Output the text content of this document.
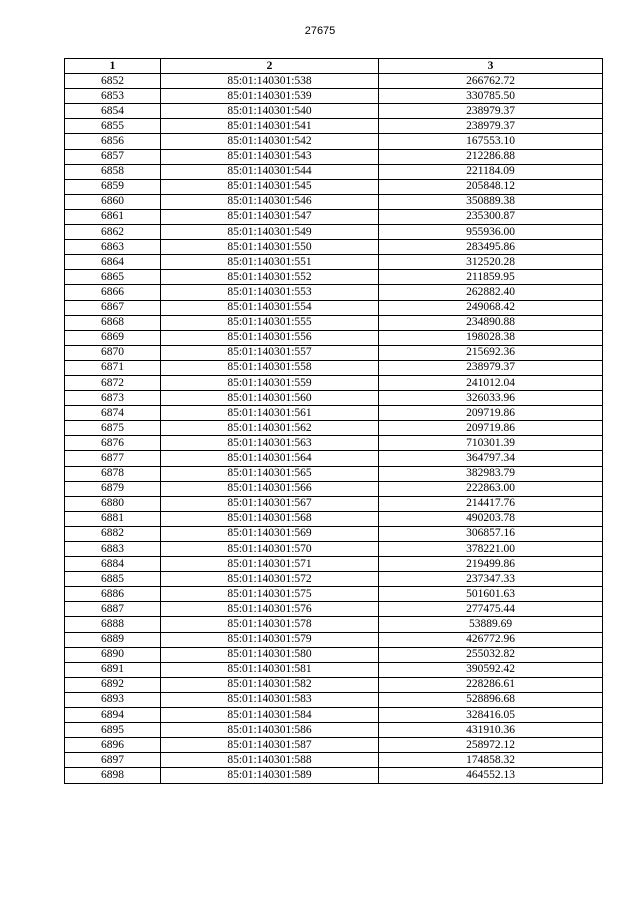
27675
1	2	3
6852	85:01:140301:538	266762.72
6853	85:01:140301:539	330785.50
6854	85:01:140301:540	238979.37
6855	85:01:140301:541	238979.37
6856	85:01:140301:542	167553.10
6857	85:01:140301:543	212286.88
6858	85:01:140301:544	221184.09
6859	85:01:140301:545	205848.12
6860	85:01:140301:546	350889.38
6861	85:01:140301:547	235300.87
6862	85:01:140301:549	955936.00
6863	85:01:140301:550	283495.86
6864	85:01:140301:551	312520.28
6865	85:01:140301:552	211859.95
6866	85:01:140301:553	262882.40
6867	85:01:140301:554	249068.42
6868	85:01:140301:555	234890.88
6869	85:01:140301:556	198028.38
6870	85:01:140301:557	215692.36
6871	85:01:140301:558	238979.37
6872	85:01:140301:559	241012.04
6873	85:01:140301:560	326033.96
6874	85:01:140301:561	209719.86
6875	85:01:140301:562	209719.86
6876	85:01:140301:563	710301.39
6877	85:01:140301:564	364797.34
6878	85:01:140301:565	382983.79
6879	85:01:140301:566	222863.00
6880	85:01:140301:567	214417.76
6881	85:01:140301:568	490203.78
6882	85:01:140301:569	306857.16
6883	85:01:140301:570	378221.00
6884	85:01:140301:571	219499.86
6885	85:01:140301:572	237347.33
6886	85:01:140301:575	501601.63
6887	85:01:140301:576	277475.44
6888	85:01:140301:578	53889.69
6889	85:01:140301:579	426772.96
6890	85:01:140301:580	255032.82
6891	85:01:140301:581	390592.42
6892	85:01:140301:582	228286.61
6893	85:01:140301:583	528896.68
6894	85:01:140301:584	328416.05
6895	85:01:140301:586	431910.36
6896	85:01:140301:587	258972.12
6897	85:01:140301:588	174858.32
6898	85:01:140301:589	464552.13
